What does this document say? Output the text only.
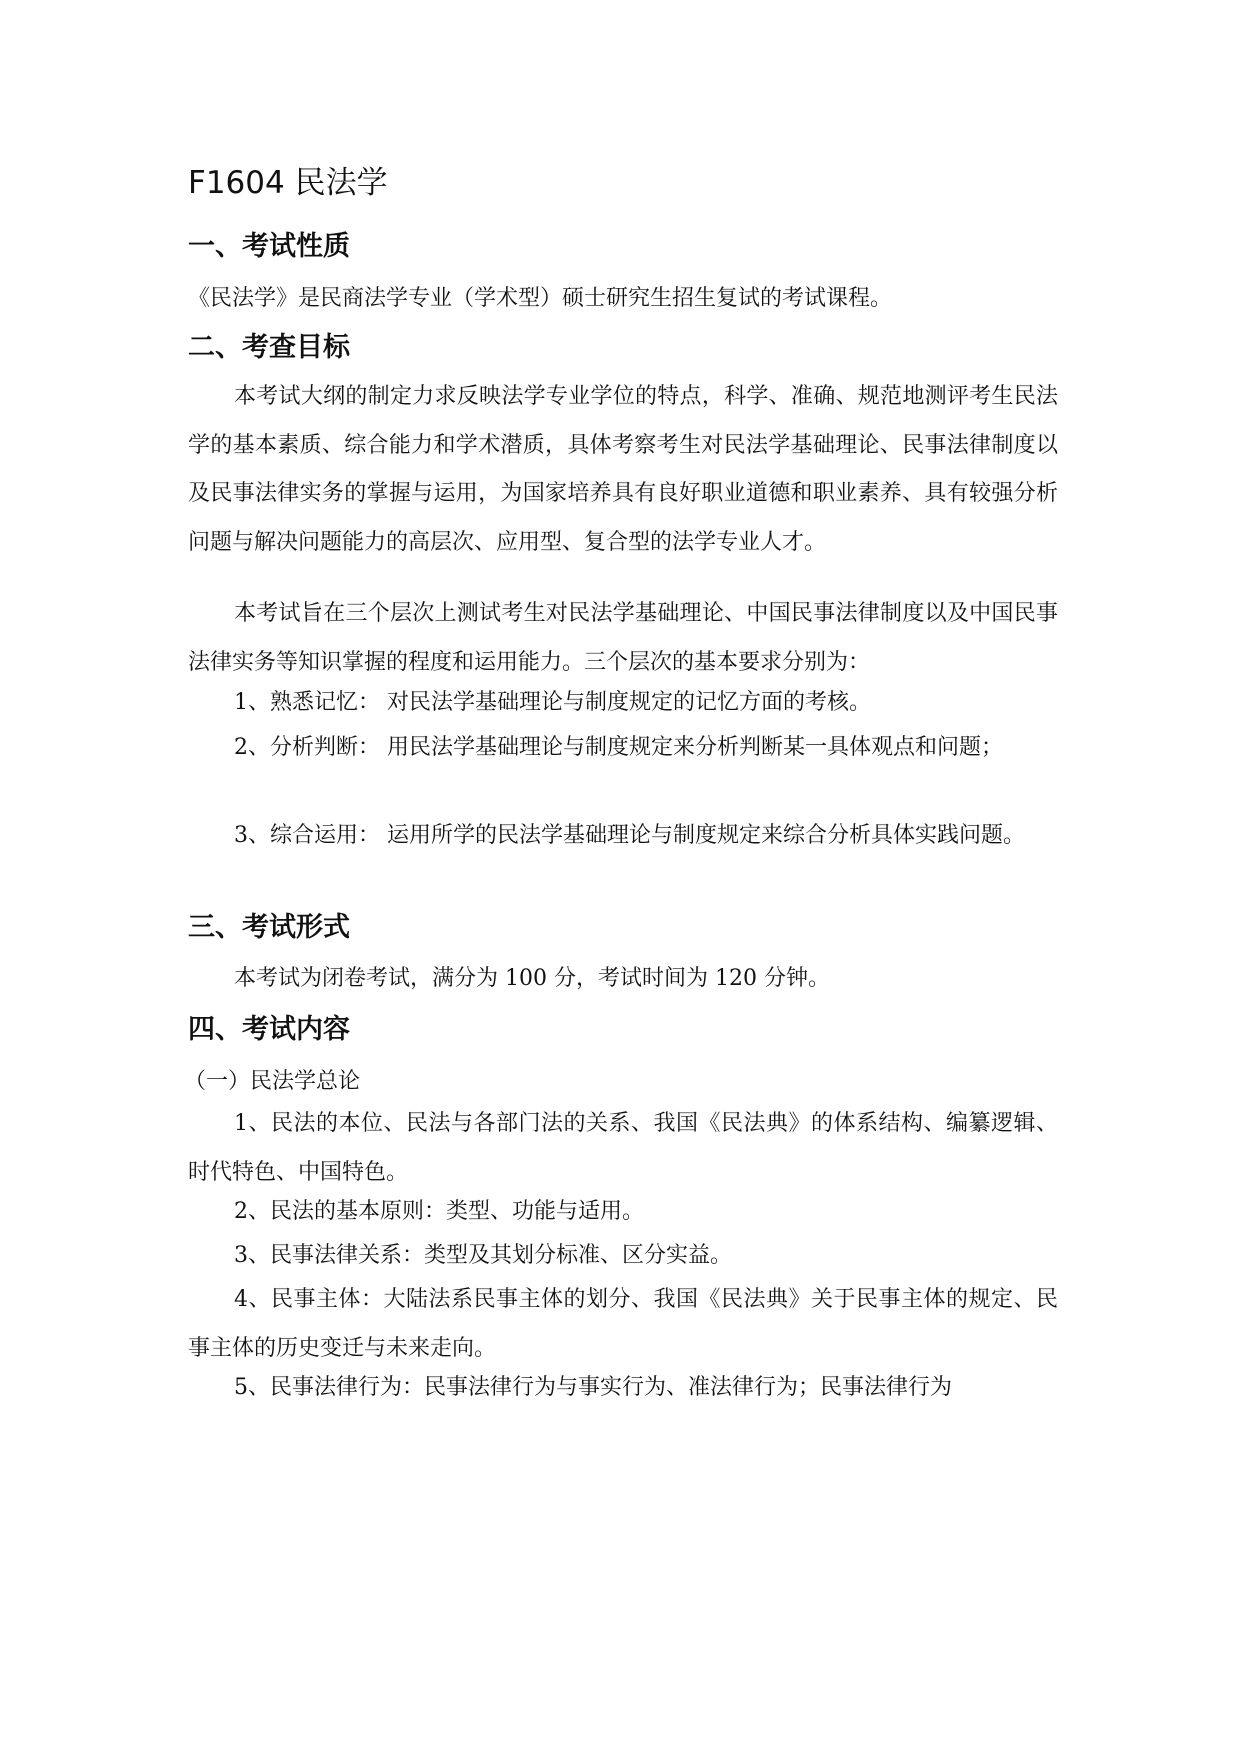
F1604 民法学
一、考试性质

《民法学》是民商法学专业（学术型）硕士研究生招生复试的考试课程。

二、考查目标

本考试大纲的制定力求反映法学专业学位的特点，科学、准确、规范地测评考生民法学的基本素质、综合能力和学术潜质，具体考察考生对民法学基础理论、民事法律制度以及民事法律实务的掌握与运用，为国家培养具有良好职业道德和职业素养、具有较强分析问题与解决问题能力的高层次、应用型、复合型的法学专业人才。

本考试旨在三个层次上测试考生对民法学基础理论、中国民事法律制度以及中国民事法律实务等知识掌握的程度和运用能力。三个层次的基本要求分别为：

1、熟悉记忆： 对民法学基础理论与制度规定的记忆方面的考核。

2、分析判断： 用民法学基础理论与制度规定来分析判断某一具体观点和问题；

3、综合运用： 运用所学的民法学基础理论与制度规定来综合分析具体实践问题。

三、考试形式

本考试为闭卷考试，满分为 100 分，考试时间为 120 分钟。

四、考试内容

（一）民法学总论

1、民法的本位、民法与各部门法的关系、我国《民法典》的体系结构、编纂逻辑、时代特色、中国特色。

2、民法的基本原则：类型、功能与适用。

3、民事法律关系：类型及其划分标准、区分实益。

4、民事主体：大陆法系民事主体的划分、我国《民法典》关于民事主体的规定、民事主体的历史变迁与未来走向。

5、民事法律行为：民事法律行为与事实行为、准法律行为；民事法律行为
